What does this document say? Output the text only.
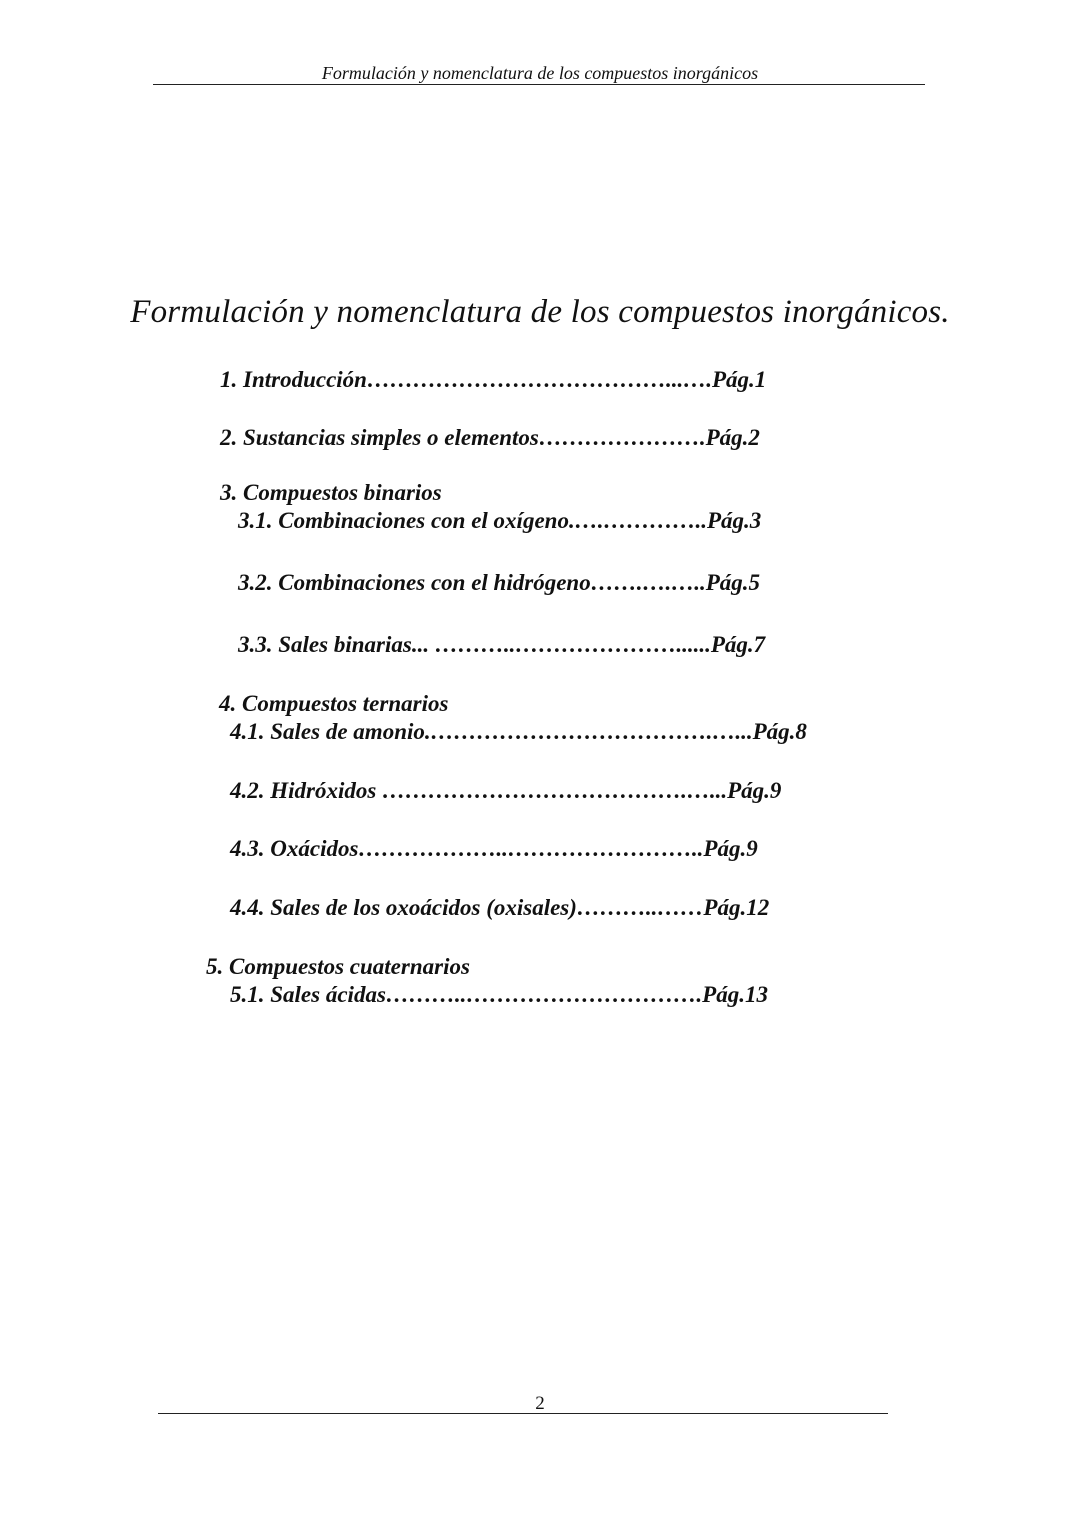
Formulación y nomenclatura de los compuestos inorgánicos
Formulación y nomenclatura de los compuestos inorgánicos.
1. Introducción…………………………………...….Pág.1
2. Sustancias simples o elementos………………….Pág.2
3. Compuestos binarios
3.1. Combinaciones con el oxígeno.….…………..Pág.3
3.2. Combinaciones con el hidrógeno…….….…..Pág.5
3.3. Sales binarias... ………..…………………......Pág.7
4. Compuestos ternarios
4.1. Sales de amonio.……………………………….…...Pág.8
4.2. Hidróxidos ………………………………….…...Pág.9
4.3. Oxácidos………………..……………………..Pág.9
4.4. Sales de los oxoácidos (oxisales)………..……Pág.12
5. Compuestos cuaternarios
5.1. Sales ácidas………..………………………….Pág.13
2
